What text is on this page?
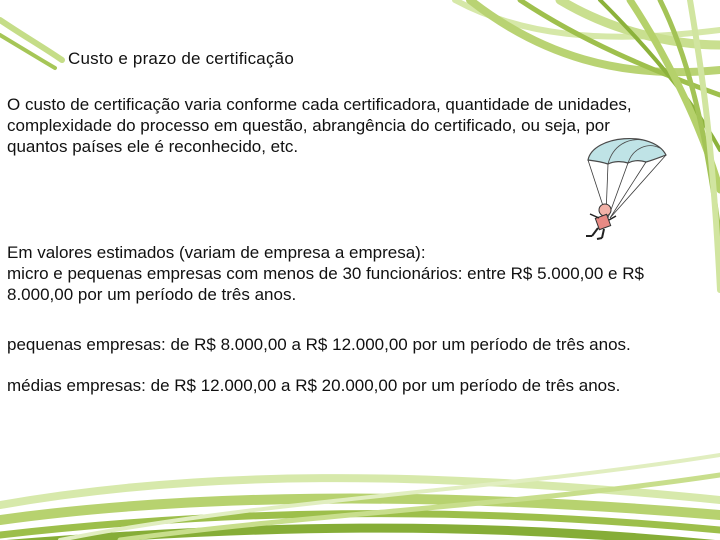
Custo e prazo de certificação

O custo de certificação varia conforme cada certificadora, quantidade de unidades,
complexidade do processo em questão, abrangência do certificado, ou seja, por
quantos países ele é reconhecido, etc.

Em valores estimados (variam de empresa a empresa):
micro e pequenas empresas com menos de 30 funcionários: entre R$ 5.000,00 e R$
8.000,00 por um período de três anos.

pequenas empresas: de R$ 8.000,00 a R$ 12.000,00 por um período de três anos.

médias empresas: de R$ 12.000,00 a R$ 20.000,00 por um período de três anos.
